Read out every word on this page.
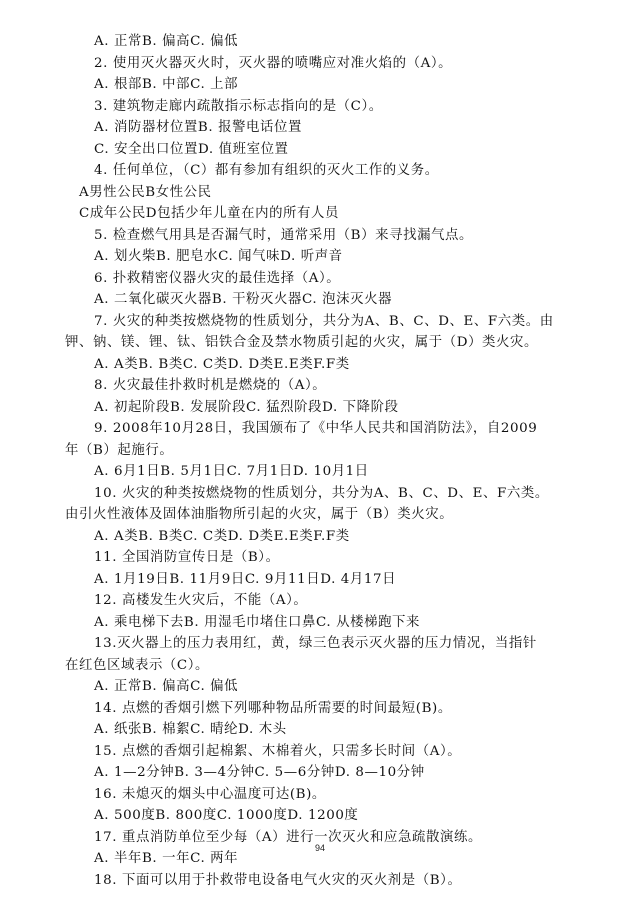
A. 正常B. 偏高C. 偏低
2. 使用灭火器灭火时，灭火器的喷嘴应对准火焰的（A）。
A. 根部B. 中部C. 上部
3. 建筑物走廊内疏散指示标志指向的是（C）。
A. 消防器材位置B. 报警电话位置
C. 安全出口位置D. 值班室位置
4. 任何单位，（C）都有参加有组织的灭火工作的义务。
A男性公民B女性公民
C成年公民D包括少年儿童在内的所有人员
5. 检查燃气用具是否漏气时，通常采用（B）来寻找漏气点。
A. 划火柴B. 肥皂水C. 闻气味D. 听声音
6. 扑救精密仪器火灾的最佳选择（A）。
A. 二氧化碳灭火器B. 干粉灭火器C. 泡沫灭火器
7. 火灾的种类按燃烧物的性质划分，共分为A、B、C、D、E、F六类。由
钾、钠、镁、锂、钛、铝铁合金及禁水物质引起的火灾，属于（D）类火灾。
A. A类B. B类C. C类D. D类E.E类F.F类
8. 火灾最佳扑救时机是燃烧的（A）。
A. 初起阶段B. 发展阶段C. 猛烈阶段D. 下降阶段
9. 2008年10月28日，我国颁布了《中华人民共和国消防法》，自2009
年（B）起施行。
A. 6月1日B. 5月1日C. 7月1日D. 10月1日
10. 火灾的种类按燃烧物的性质划分，共分为A、B、C、D、E、F六类。
由引火性液体及固体油脂物所引起的火灾，属于（B）类火灾。
A. A类B. B类C. C类D. D类E.E类F.F类
11. 全国消防宣传日是（B）。
A. 1月19日B. 11月9日C. 9月11日D. 4月17日
12. 高楼发生火灾后，不能（A）。
A. 乘电梯下去B. 用湿毛巾堵住口鼻C. 从楼梯跑下来
13.灭火器上的压力表用红，黄，绿三色表示灭火器的压力情况，当指针
在红色区域表示（C）。
A. 正常B. 偏高C. 偏低
14. 点燃的香烟引燃下列哪种物品所需要的时间最短(B)。
A. 纸张B. 棉絮C. 晴纶D. 木头
15. 点燃的香烟引起棉絮、木棉着火，只需多长时间（A）。
A. 1—2分钟B. 3—4分钟C. 5—6分钟D. 8—10分钟
16. 未熄灭的烟头中心温度可达(B)。
A. 500度B. 800度C. 1000度D. 1200度
17. 重点消防单位至少每（A）进行一次灭火和应急疏散演练。
A. 半年B. 一年C. 两年
18. 下面可以用于扑救带电设备电气火灾的灭火剂是（B）。
94
